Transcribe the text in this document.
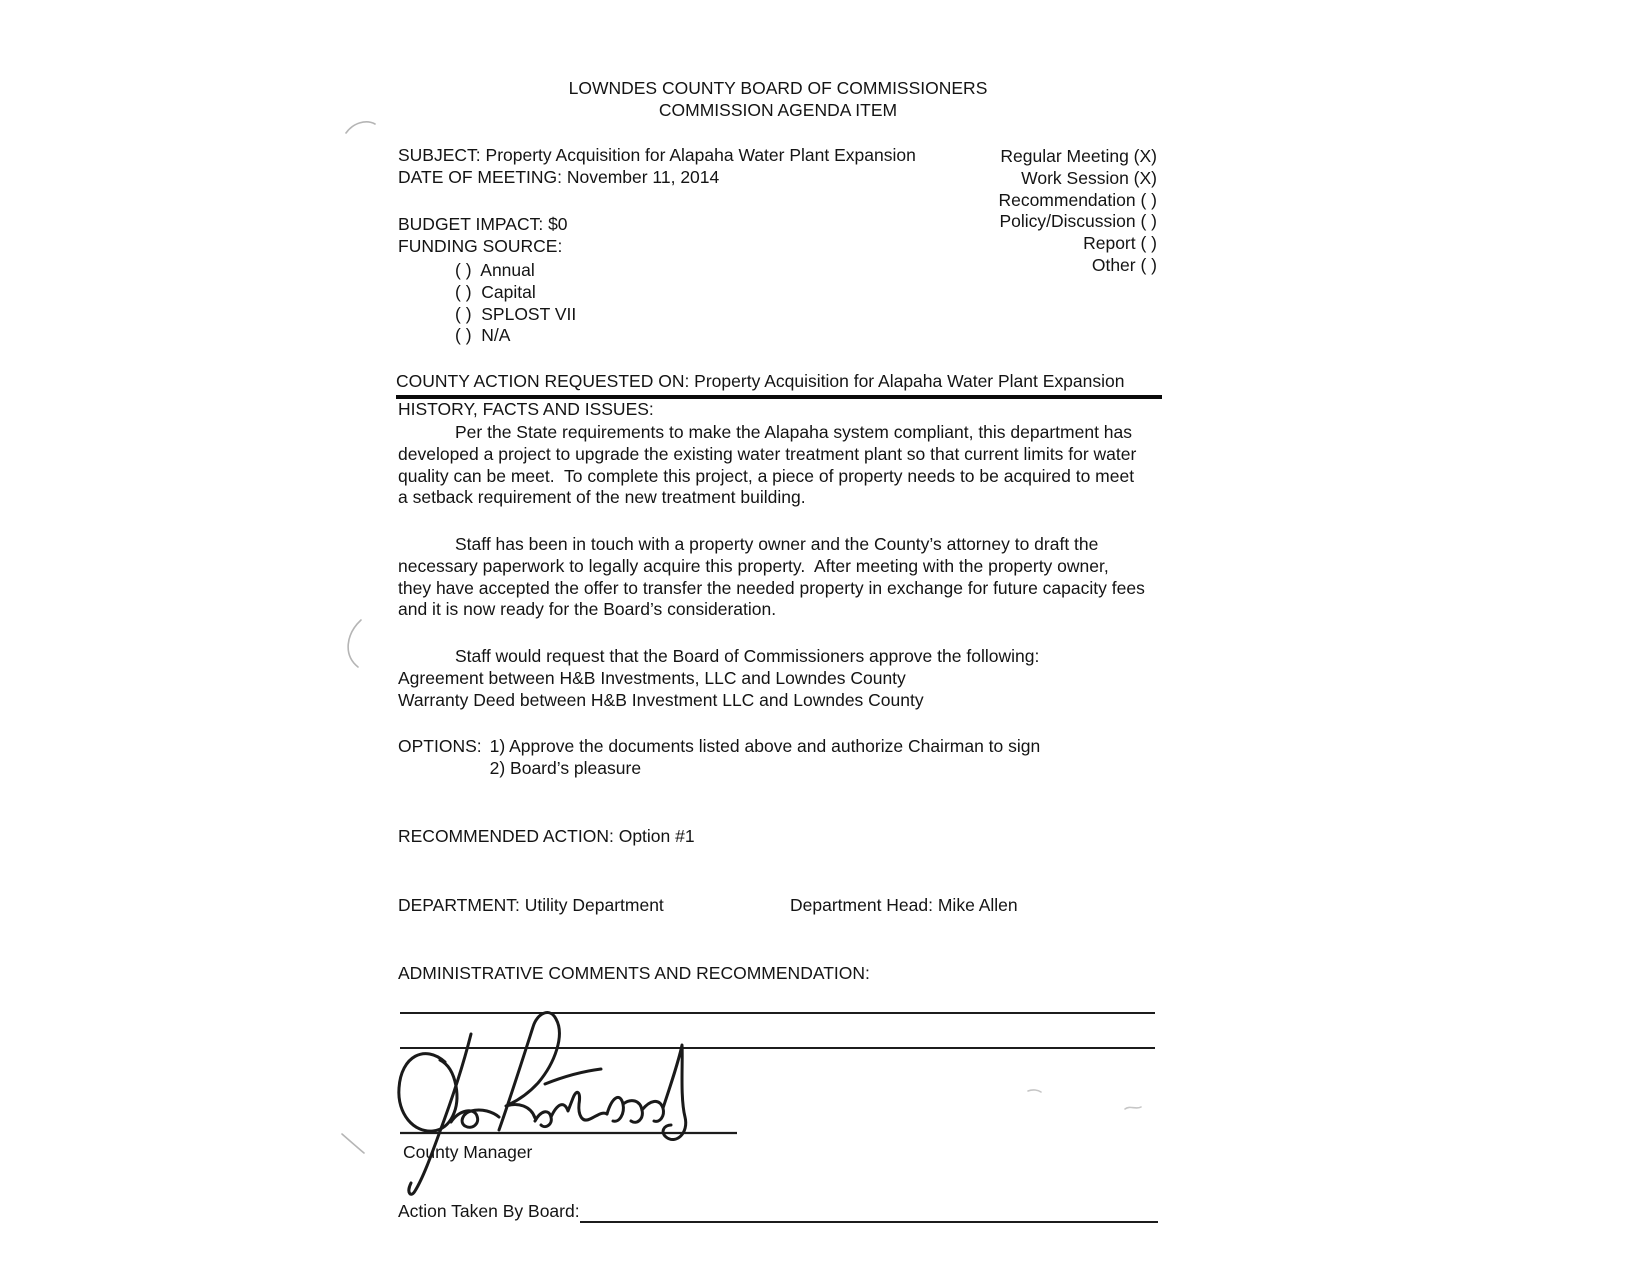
LOWNDES COUNTY BOARD OF COMMISSIONERS
COMMISSION AGENDA ITEM
SUBJECT: Property Acquisition for Alapaha Water Plant Expansion
DATE OF MEETING: November 11, 2014
Regular Meeting (X)
Work Session (X)
Recommendation ( )
Policy/Discussion ( )
Report ( )
Other ( )
BUDGET IMPACT: $0
FUNDING SOURCE:
( )  Annual
( )  Capital
( )  SPLOST VII
( )  N/A
COUNTY ACTION REQUESTED ON: Property Acquisition for Alapaha Water Plant Expansion
HISTORY, FACTS AND ISSUES:
Per the State requirements to make the Alapaha system compliant, this department has
developed a project to upgrade the existing water treatment plant so that current limits for water
quality can be meet.  To complete this project, a piece of property needs to be acquired to meet
a setback requirement of the new treatment building.
Staff has been in touch with a property owner and the County’s attorney to draft the
necessary paperwork to legally acquire this property.  After meeting with the property owner,
they have accepted the offer to transfer the needed property in exchange for future capacity fees
and it is now ready for the Board’s consideration.
Staff would request that the Board of Commissioners approve the following:
Agreement between H&B Investments, LLC and Lowndes County
Warranty Deed between H&B Investment LLC and Lowndes County
OPTIONS: 1) Approve the documents listed above and authorize Chairman to sign
2) Board’s pleasure
RECOMMENDED ACTION: Option #1
DEPARTMENT: Utility Department	Department Head: Mike Allen
ADMINISTRATIVE COMMENTS AND RECOMMENDATION:
County Manager
Action Taken By Board:
